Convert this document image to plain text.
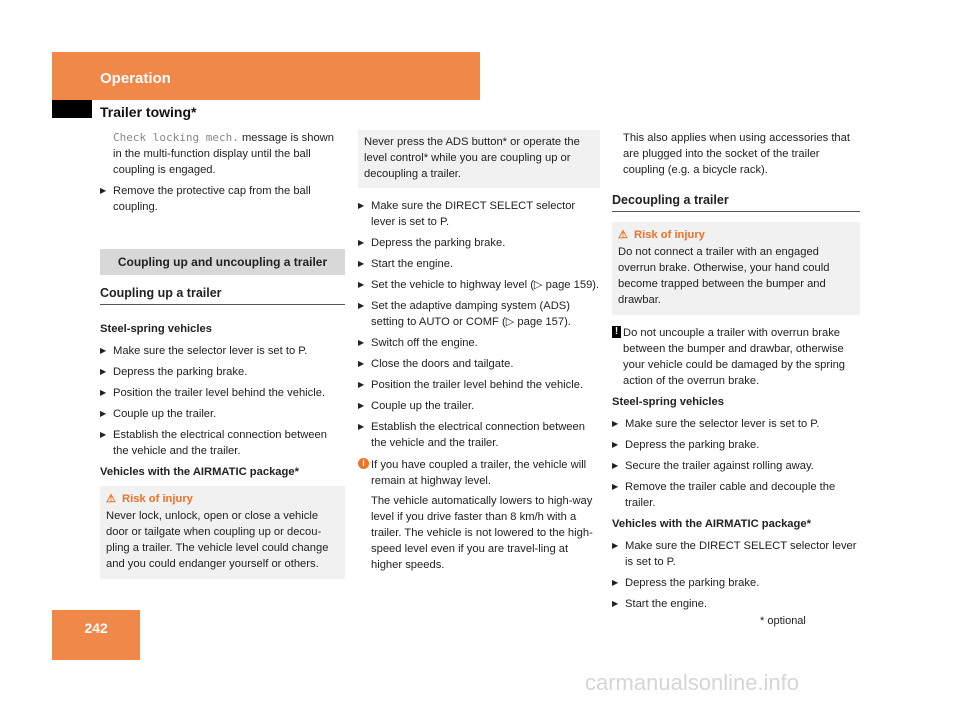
Operation
Trailer towing*

Check locking mech. message is shown in the multi-function display until the ball coupling is engaged.

▶ Remove the protective cap from the ball coupling.
Coupling up and uncoupling a trailer
Coupling up a trailer
Steel-spring vehicles
▶ Make sure the selector lever is set to P.
▶ Depress the parking brake.
▶ Position the trailer level behind the vehicle.
▶ Couple up the trailer.
▶ Establish the electrical connection between the vehicle and the trailer.
Vehicles with the AIRMATIC package*
⚠ Risk of injury
Never lock, unlock, open or close a vehicle door or tailgate when coupling up or decou-pling a trailer. The vehicle level could change and you could endanger yourself or others.
Never press the ADS button* or operate the level control* while you are coupling up or decoupling a trailer.
▶ Make sure the DIRECT SELECT selector lever is set to P.
▶ Depress the parking brake.
▶ Start the engine.
▶ Set the vehicle to highway level (▷ page 159).
▶ Set the adaptive damping system (ADS) setting to AUTO or COMF (▷ page 157).
▶ Switch off the engine.
▶ Close the doors and tailgate.
▶ Position the trailer level behind the vehicle.
▶ Couple up the trailer.
▶ Establish the electrical connection between the vehicle and the trailer.
i If you have coupled a trailer, the vehicle will remain at highway level.
The vehicle automatically lowers to high-way level if you drive faster than 8 km/h with a trailer. The vehicle is not lowered to the high-speed level even if you are travel-ling at higher speeds.
This also applies when using accessories that are plugged into the socket of the trailer coupling (e.g. a bicycle rack).
Decoupling a trailer
⚠ Risk of injury
Do not connect a trailer with an engaged overrun brake. Otherwise, your hand could become trapped between the bumper and drawbar.
! Do not uncouple a trailer with overrun brake between the bumper and drawbar, otherwise your vehicle could be damaged by the spring action of the overrun brake.
Steel-spring vehicles
▶ Make sure the selector lever is set to P.
▶ Depress the parking brake.
▶ Secure the trailer against rolling away.
▶ Remove the trailer cable and decouple the trailer.
Vehicles with the AIRMATIC package*
▶ Make sure the DIRECT SELECT selector lever is set to P.
▶ Depress the parking brake.
▶ Start the engine.
242	* optional
carmanualsonline.info
